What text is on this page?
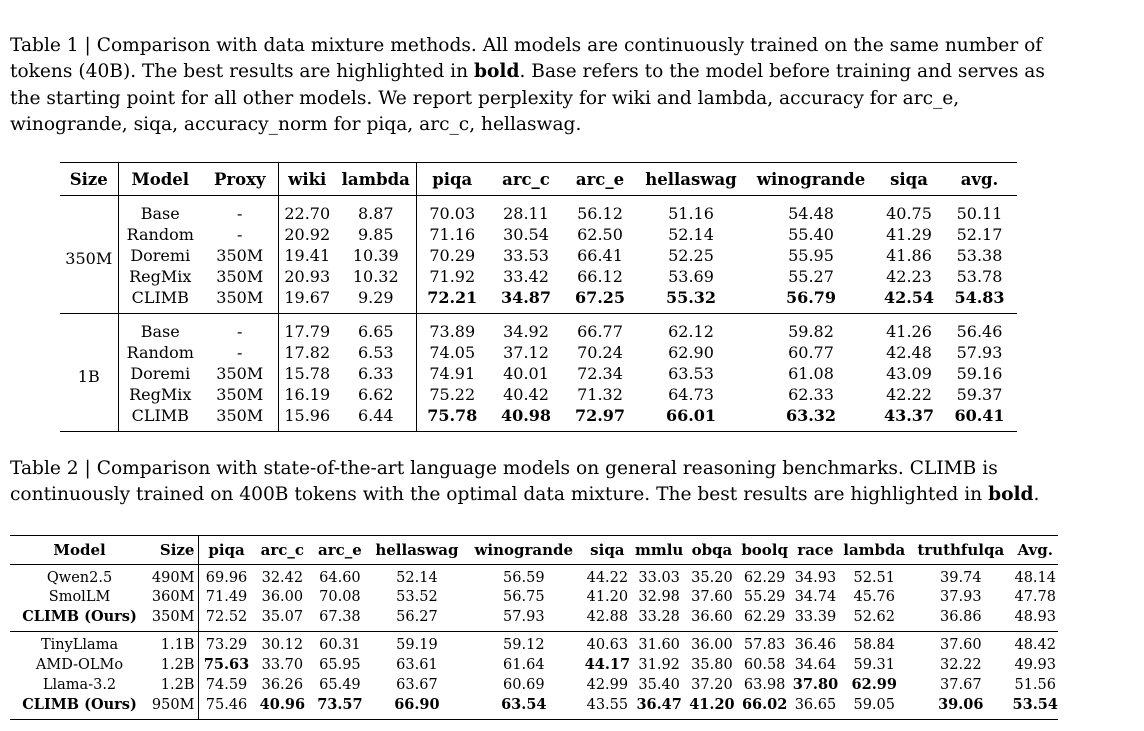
Table 1 | Comparison with data mixture methods. All models are continuously trained on the same number of tokens (40B). The best results are highlighted in bold. Base refers to the model before training and serves as the starting point for all other models. We report perplexity for wiki and lambda, accuracy for arc_e, winogrande, siqa, accuracy_norm for piqa, arc_c, hellaswag.
Size	Model	Proxy	wiki	lambda	piqa	arc_c	arc_e	hellaswag	winogrande	siqa	avg.
350M	Base	-	22.70	8.87	70.03	28.11	56.12	51.16	54.48	40.75	50.11
	Random	-	20.92	9.85	71.16	30.54	62.50	52.14	55.40	41.29	52.17
	Doremi	350M	19.41	10.39	70.29	33.53	66.41	52.25	55.95	41.86	53.38
	RegMix	350M	20.93	10.32	71.92	33.42	66.12	53.69	55.27	42.23	53.78
	CLIMB	350M	19.67	9.29	72.21	34.87	67.25	55.32	56.79	42.54	54.83
1B	Base	-	17.79	6.65	73.89	34.92	66.77	62.12	59.82	41.26	56.46
	Random	-	17.82	6.53	74.05	37.12	70.24	62.90	60.77	42.48	57.93
	Doremi	350M	15.78	6.33	74.91	40.01	72.34	63.53	61.08	43.09	59.16
	RegMix	350M	16.19	6.62	75.22	40.42	71.32	64.73	62.33	42.22	59.37
	CLIMB	350M	15.96	6.44	75.78	40.98	72.97	66.01	63.32	43.37	60.41
Table 2 | Comparison with state-of-the-art language models on general reasoning benchmarks. CLIMB is continuously trained on 400B tokens with the optimal data mixture. The best results are highlighted in bold.
Model	Size	piqa	arc_c	arc_e	hellaswag	winogrande	siqa	mmlu	obqa	boolq	race	lambda	truthfulqa	Avg.
Qwen2.5	490M	69.96	32.42	64.60	52.14	56.59	44.22	33.03	35.20	62.29	34.93	52.51	39.74	48.14
SmolLM	360M	71.49	36.00	70.08	53.52	56.75	41.20	32.98	37.60	55.29	34.74	45.76	37.93	47.78
CLIMB (Ours)	350M	72.52	35.07	67.38	56.27	57.93	42.88	33.28	36.60	62.29	33.39	52.62	36.86	48.93
TinyLlama	1.1B	73.29	30.12	60.31	59.19	59.12	40.63	31.60	36.00	57.83	36.46	58.84	37.60	48.42
AMD-OLMo	1.2B	75.63	33.70	65.95	63.61	61.64	44.17	31.92	35.80	60.58	34.64	59.31	32.22	49.93
Llama-3.2	1.2B	74.59	36.26	65.49	63.67	60.69	42.99	35.40	37.20	63.98	37.80	62.99	37.67	51.56
CLIMB (Ours)	950M	75.46	40.96	73.57	66.90	63.54	43.55	36.47	41.20	66.02	36.65	59.05	39.06	53.54
